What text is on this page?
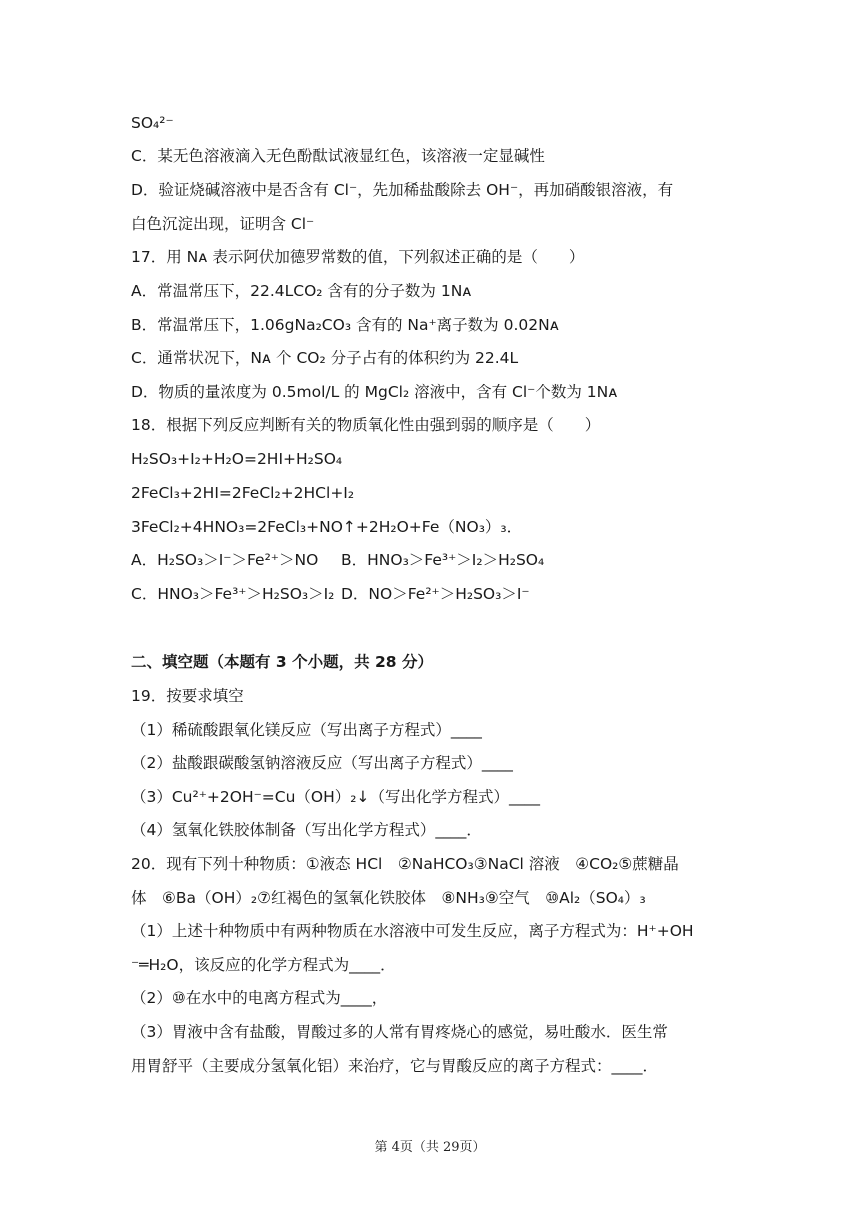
SO₄²⁻
C．某无色溶液滴入无色酚酞试液显红色，该溶液一定显碱性
D．验证烧碱溶液中是否含有 Cl⁻，先加稀盐酸除去 OH⁻，再加硝酸银溶液，有
白色沉淀出现，证明含 Cl⁻
17．用 Nᴀ 表示阿伏加德罗常数的值，下列叙述正确的是（　　）
A．常温常压下，22.4LCO₂ 含有的分子数为 1Nᴀ
B．常温常压下，1.06gNa₂CO₃ 含有的 Na⁺离子数为 0.02Nᴀ
C．通常状况下，Nᴀ 个 CO₂ 分子占有的体积约为 22.4L
D．物质的量浓度为 0.5mol/L 的 MgCl₂ 溶液中，含有 Cl⁻个数为 1Nᴀ
18．根据下列反应判断有关的物质氧化性由强到弱的顺序是（　　）
H₂SO₃+I₂+H₂O=2HI+H₂SO₄
2FeCl₃+2HI=2FeCl₂+2HCl+I₂
3FeCl₂+4HNO₃=2FeCl₃+NO↑+2H₂O+Fe（NO₃）₃．
A．H₂SO₃＞I⁻＞Fe²⁺＞NO B．HNO₃＞Fe³⁺＞I₂＞H₂SO₄
C．HNO₃＞Fe³⁺＞H₂SO₃＞I₂ D．NO＞Fe²⁺＞H₂SO₃＞I⁻
二、填空题（本题有 3 个小题，共 28 分）
19．按要求填空
（1）稀硫酸跟氧化镁反应（写出离子方程式）____
（2）盐酸跟碳酸氢钠溶液反应（写出离子方程式）____
（3）Cu²⁺+2OH⁻=Cu（OH）₂↓（写出化学方程式）____
（4）氢氧化铁胶体制备（写出化学方程式）____．
20．现有下列十种物质：①液态 HCl　②NaHCO₃③NaCl 溶液　④CO₂⑤蔗糖晶
体　⑥Ba（OH）₂⑦红褐色的氢氧化铁胶体　⑧NH₃⑨空气　⑩Al₂（SO₄）₃
（1）上述十种物质中有两种物质在水溶液中可发生反应，离子方程式为：H⁺+OH
⁻═H₂O，该反应的化学方程式为____．
（2）⑩在水中的电离方程式为____，
（3）胃液中含有盐酸，胃酸过多的人常有胃疼烧心的感觉，易吐酸水．医生常
用胃舒平（主要成分氢氧化铝）来治疗，它与胃酸反应的离子方程式：____．
第 4页（共 29页）
